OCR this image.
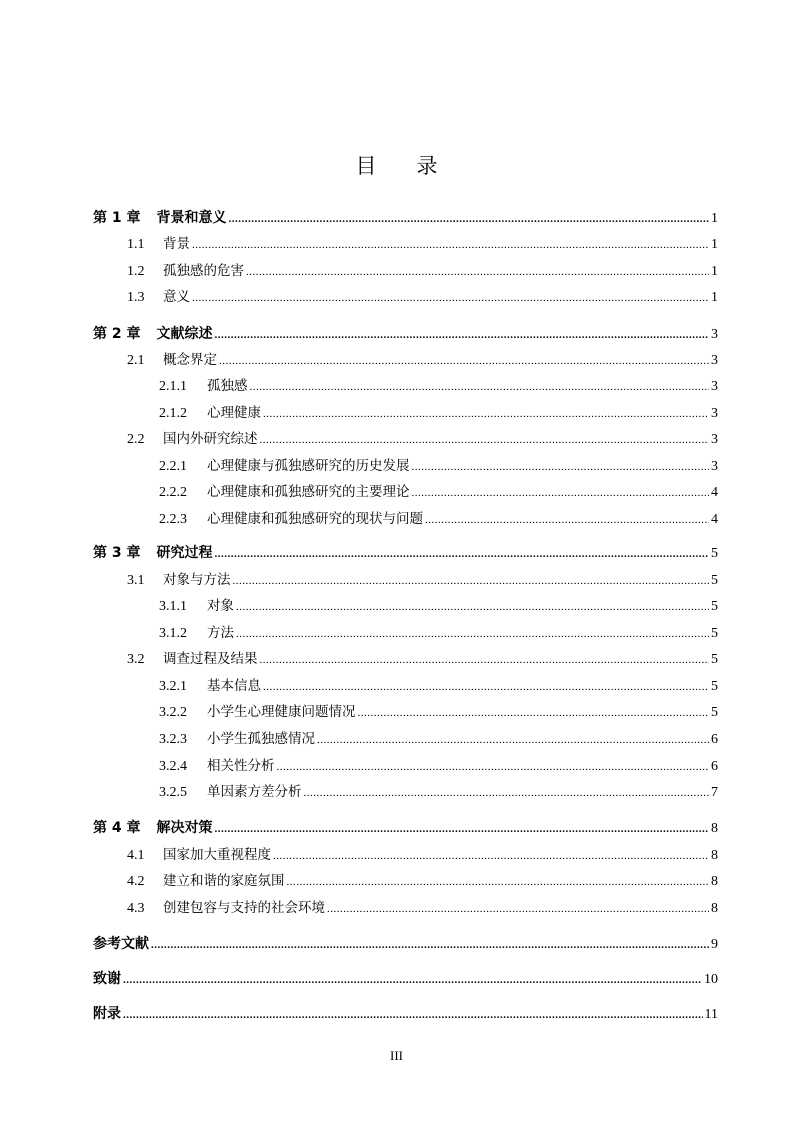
目 录
第 1 章 背景和意义 .....	1
1.1	背景 .....	1
1.2	孤独感的危害 .....	1
1.3	意义 .....	1
第 2 章 文献综述 .....	3
2.1	概念界定 .....	3
2.1.1	孤独感 .....	3
2.1.2	心理健康 .....	3
2.2	国内外研究综述 .....	3
2.2.1	心理健康与孤独感研究的历史发展 .....	3
2.2.2	心理健康和孤独感研究的主要理论 .....	4
2.2.3	心理健康和孤独感研究的现状与问题 .....	4
第 3 章 研究过程 .....	5
3.1	对象与方法 .....	5
3.1.1	对象 .....	5
3.1.2	方法 .....	5
3.2	调查过程及结果 .....	5
3.2.1	基本信息 .....	5
3.2.2	小学生心理健康问题情况 .....	5
3.2.3	小学生孤独感情况 .....	6
3.2.4	相关性分析 .....	6
3.2.5	单因素方差分析 .....	7
第 4 章 解决对策 .....	8
4.1	国家加大重视程度 .....	8
4.2	建立和谐的家庭氛围 .....	8
4.3	创建包容与支持的社会环境 .....	8
参考文献 .....	9
致谢 .....	10
附录 .....	11
III
